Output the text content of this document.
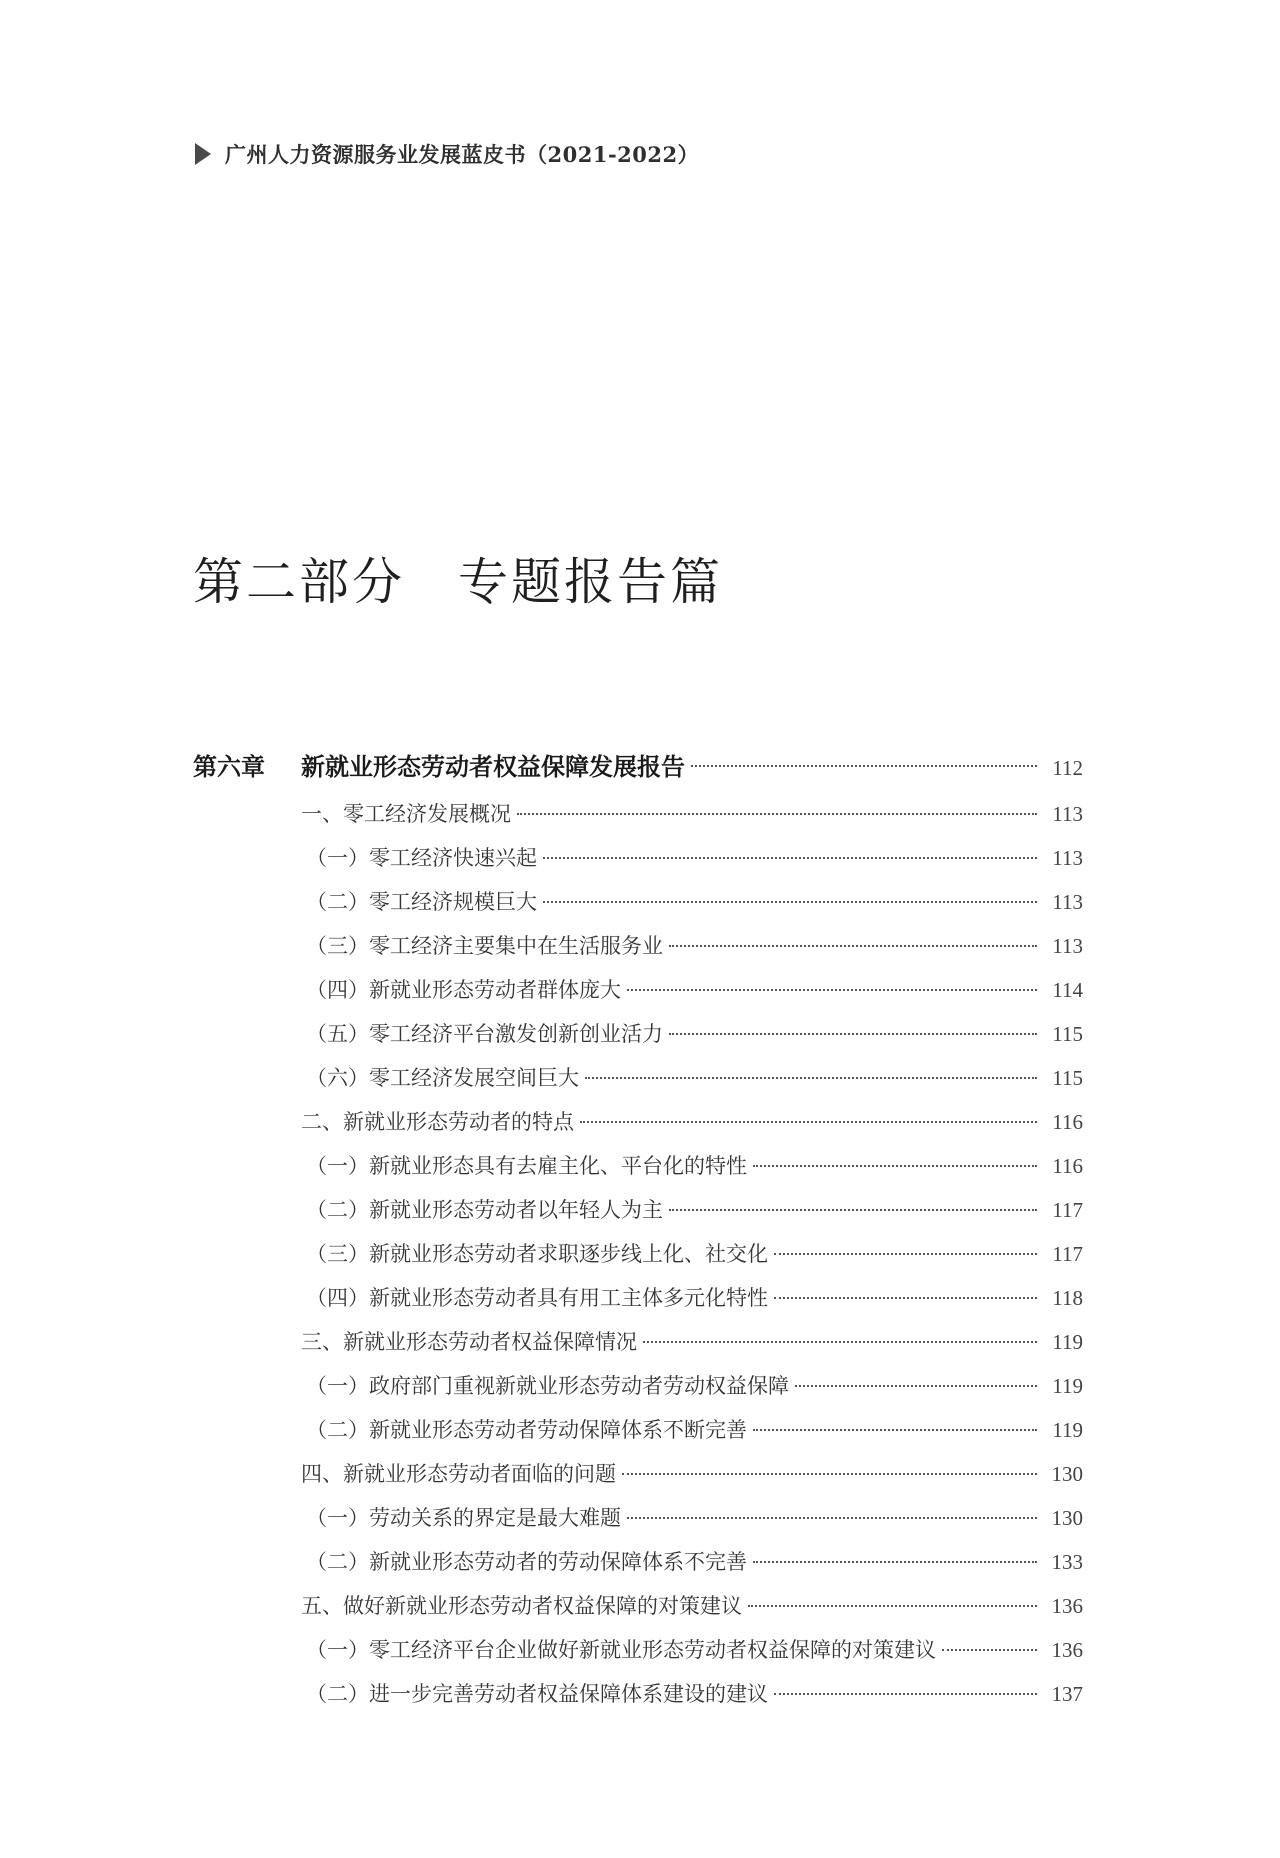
广州人力资源服务业发展蓝皮书（2021-2022）
第二部分　专题报告篇
第六章	新就业形态劳动者权益保障发展报告	112
一、零工经济发展概况	113
（一）零工经济快速兴起	113
（二）零工经济规模巨大	113
（三）零工经济主要集中在生活服务业	113
（四）新就业形态劳动者群体庞大	114
（五）零工经济平台激发创新创业活力	115
（六）零工经济发展空间巨大	115
二、新就业形态劳动者的特点	116
（一）新就业形态具有去雇主化、平台化的特性	116
（二）新就业形态劳动者以年轻人为主	117
（三）新就业形态劳动者求职逐步线上化、社交化	117
（四）新就业形态劳动者具有用工主体多元化特性	118
三、新就业形态劳动者权益保障情况	119
（一）政府部门重视新就业形态劳动者劳动权益保障	119
（二）新就业形态劳动者劳动保障体系不断完善	119
四、新就业形态劳动者面临的问题	130
（一）劳动关系的界定是最大难题	130
（二）新就业形态劳动者的劳动保障体系不完善	133
五、做好新就业形态劳动者权益保障的对策建议	136
（一）零工经济平台企业做好新就业形态劳动者权益保障的对策建议	136
（二）进一步完善劳动者权益保障体系建设的建议	137
